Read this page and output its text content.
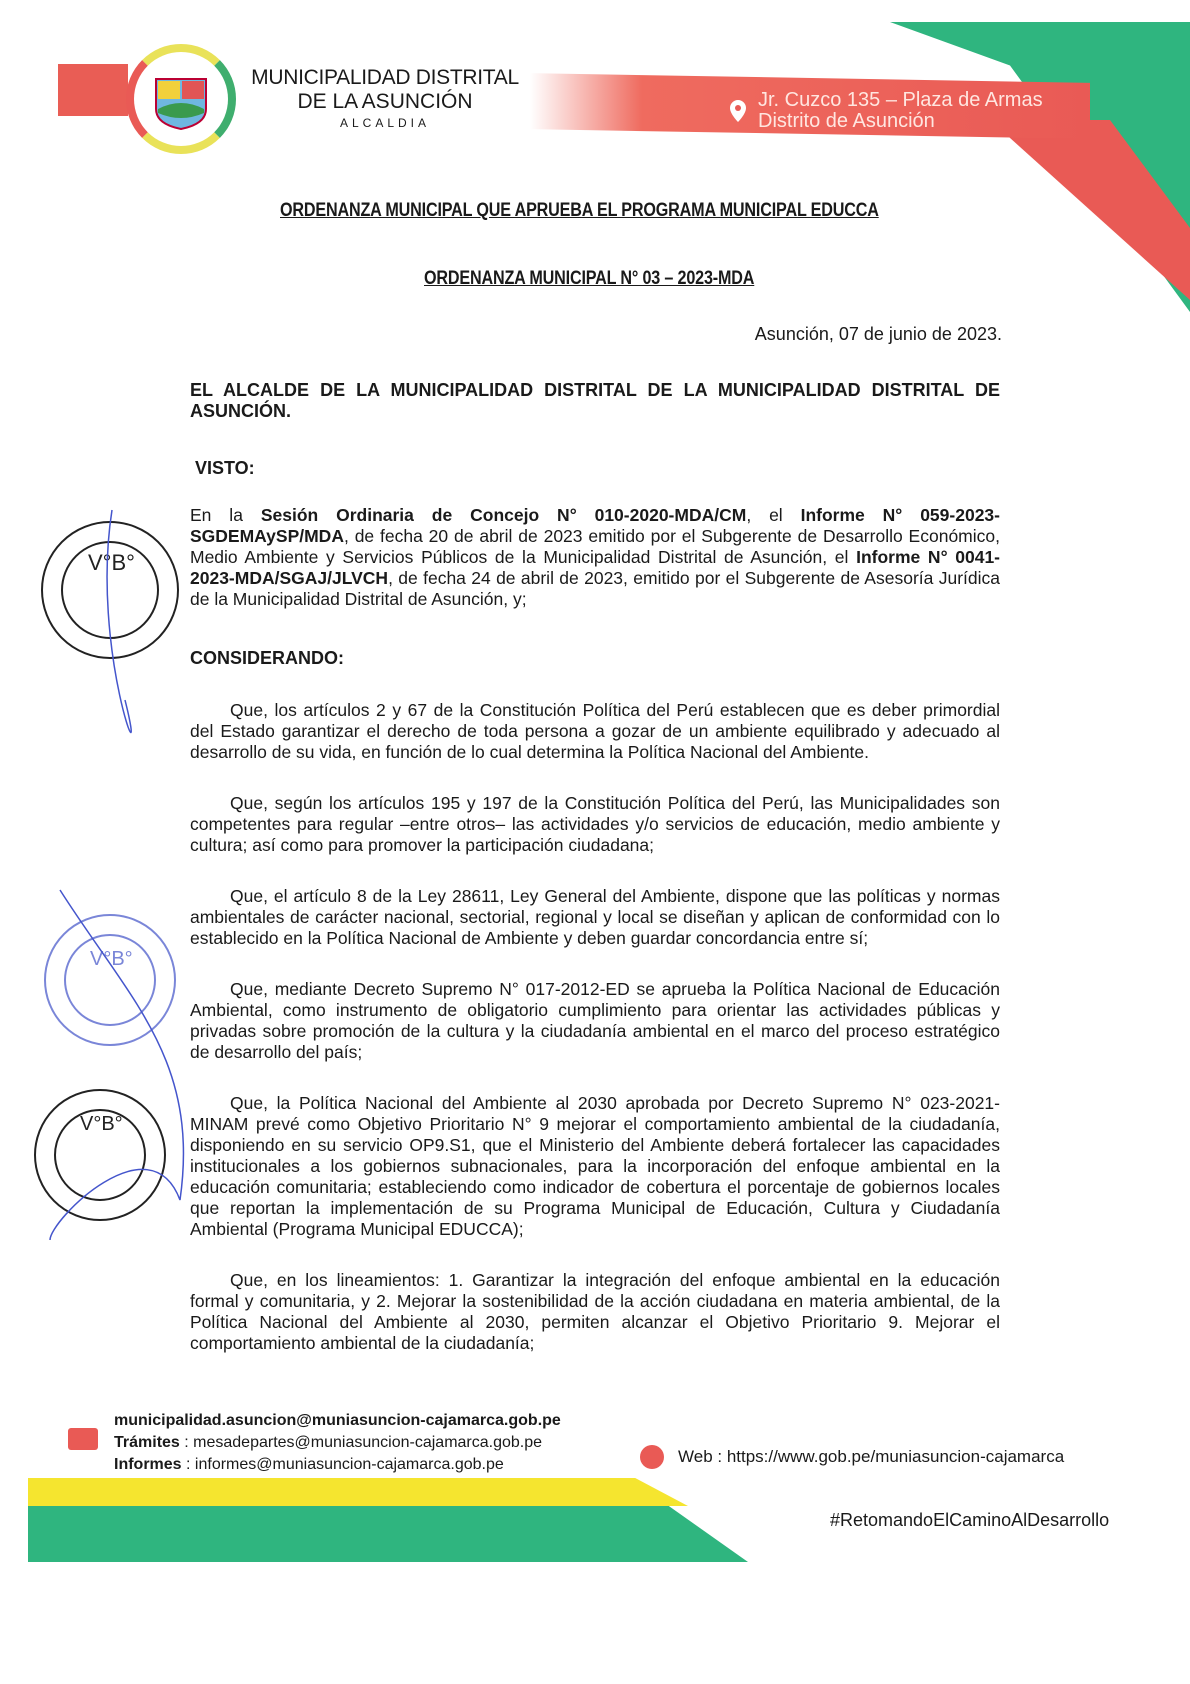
MUNICIPALIDAD DISTRITAL
DE LA ASUNCIÓN
ALCALDIA
Jr. Cuzco 135 – Plaza de Armas
Distrito de Asunción
ORDENANZA MUNICIPAL QUE APRUEBA EL PROGRAMA MUNICIPAL EDUCCA
ORDENANZA MUNICIPAL N° 03 – 2023-MDA
Asunción, 07 de junio de 2023.
EL ALCALDE DE LA MUNICIPALIDAD DISTRITAL DE LA MUNICIPALIDAD DISTRITAL DE ASUNCIÓN.
VISTO:
En la Sesión Ordinaria de Concejo N° 010-2020-MDA/CM, el Informe N° 059-2023-SGDEMAySP/MDA, de fecha 20 de abril de 2023 emitido por el Subgerente de Desarrollo Económico, Medio Ambiente y Servicios Públicos de la Municipalidad Distrital de Asunción, el Informe N° 0041-2023-MDA/SGAJ/JLVCH, de fecha 24 de abril de 2023, emitido por el Subgerente de Asesoría Jurídica de la Municipalidad Distrital de Asunción, y;
CONSIDERANDO:

Que, los artículos 2 y 67 de la Constitución Política del Perú establecen que es deber primordial del Estado garantizar el derecho de toda persona a gozar de un ambiente equilibrado y adecuado al desarrollo de su vida, en función de lo cual determina la Política Nacional del Ambiente.

Que, según los artículos 195 y 197 de la Constitución Política del Perú, las Municipalidades son competentes para regular –entre otros– las actividades y/o servicios de educación, medio ambiente y cultura; así como para promover la participación ciudadana;

Que, el artículo 8 de la Ley 28611, Ley General del Ambiente, dispone que las políticas y normas ambientales de carácter nacional, sectorial, regional y local se diseñan y aplican de conformidad con lo establecido en la Política Nacional de Ambiente y deben guardar concordancia entre sí;

Que, mediante Decreto Supremo N° 017-2012-ED se aprueba la Política Nacional de Educación Ambiental, como instrumento de obligatorio cumplimiento para orientar las actividades públicas y privadas sobre promoción de la cultura y la ciudadanía ambiental en el marco del proceso estratégico de desarrollo del país;

Que, la Política Nacional del Ambiente al 2030 aprobada por Decreto Supremo N° 023-2021- MINAM prevé como Objetivo Prioritario N° 9 mejorar el comportamiento ambiental de la ciudadanía, disponiendo en su servicio OP9.S1, que el Ministerio del Ambiente deberá fortalecer las capacidades institucionales a los gobiernos subnacionales, para la incorporación del enfoque ambiental en la educación comunitaria; estableciendo como indicador de cobertura el porcentaje de gobiernos locales que reportan la implementación de su Programa Municipal de Educación, Cultura y Ciudadanía Ambiental (Programa Municipal EDUCCA);

Que, en los lineamientos: 1. Garantizar la integración del enfoque ambiental en la educación formal y comunitaria, y 2. Mejorar la sostenibilidad de la acción ciudadana en materia ambiental, de la Política Nacional del Ambiente al 2030, permiten alcanzar el Objetivo Prioritario 9. Mejorar el comportamiento ambiental de la ciudadanía;

V°B°
V°B°
V°B°
municipalidad.asuncion@muniasuncion-cajamarca.gob.pe
Trámites : mesadepartes@muniasuncion-cajamarca.gob.pe
Informes : informes@muniasuncion-cajamarca.gob.pe	Web : https://www.gob.pe/muniasuncion-cajamarca
#RetomandoElCaminoAlDesarrollo
